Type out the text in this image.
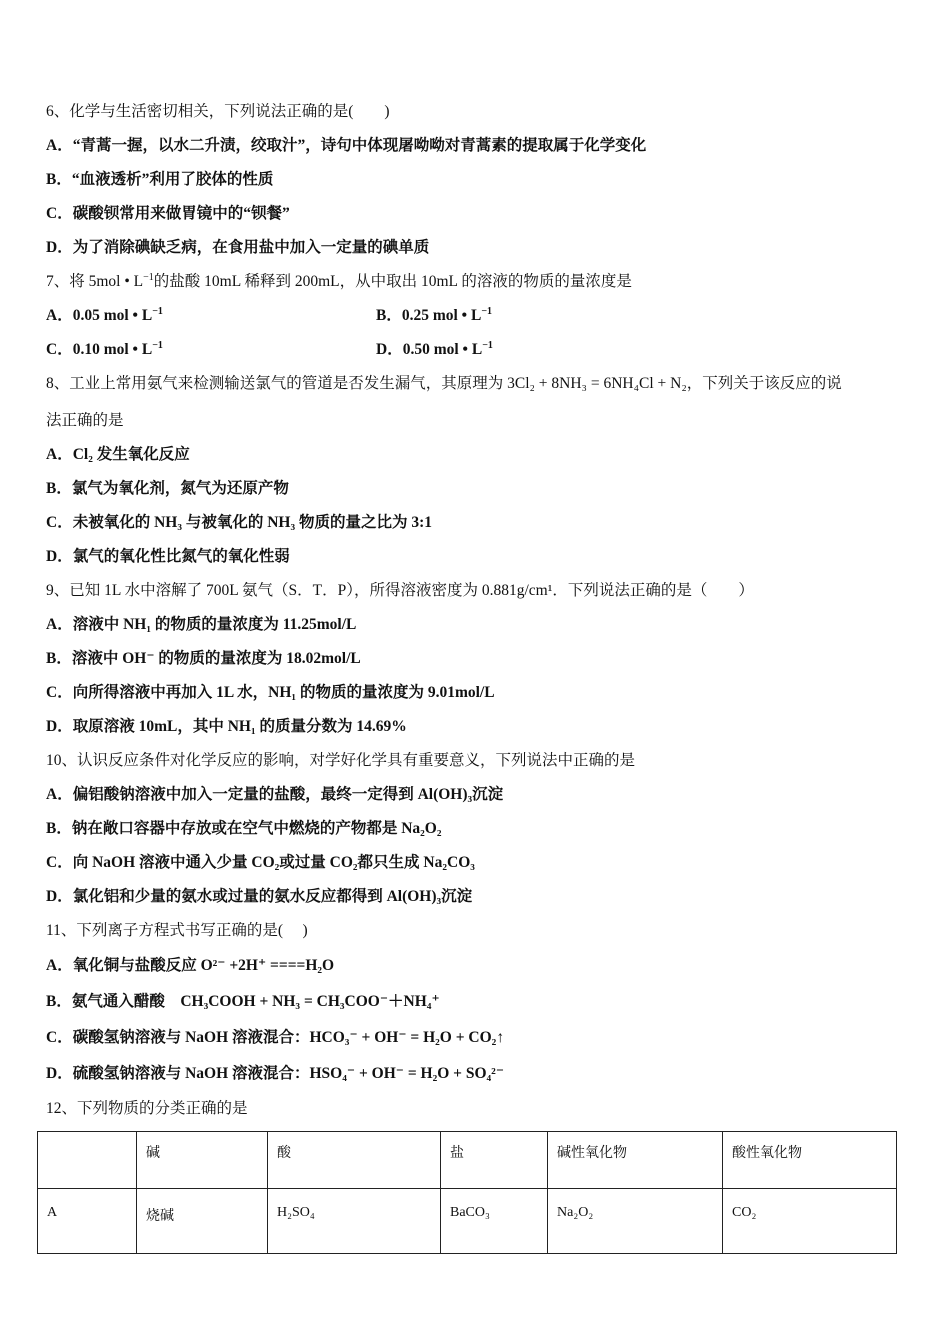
6、化学与生活密切相关，下列说法正确的是(　　)
A．“青蒿一握，以水二升渍，绞取汁”，诗句中体现屠呦呦对青蒿素的提取属于化学变化
B．“血液透析”利用了胶体的性质
C．碳酸钡常用来做胃镜中的“钡餐”
D．为了消除碘缺乏病，在食用盐中加入一定量的碘单质
7、将 5mol • $L^{-1}$的盐酸 10mL 稀释到 200mL，从中取出 10mL 的溶液的物质的量浓度是
A．0.05 mol • $L^{-1}$	B．0.25 mol • $L^{-1}$
C．0.10 mol • $L^{-1}$	D．0.50 mol • $L^{-1}$
8、工业上常用氨气来检测输送氯气的管道是否发生漏气，其原理为 3Cl₂ + 8NH₃ = 6NH₄Cl + N₂，下列关于该反应的说
法正确的是
A．Cl₂ 发生氧化反应
B．氯气为氧化剂，氮气为还原产物
C．未被氧化的 NH₃ 与被氧化的 NH₃ 物质的量之比为 3:1
D．氯气的氧化性比氮气的氧化性弱
9、已知 1L 水中溶解了 700L 氨气（S．T．P），所得溶液密度为 0.881g/cm¹．下列说法正确的是（　　）
A．溶液中 NH₁ 的物质的量浓度为 11.25mol/L
B．溶液中 OH⁻ 的物质的量浓度为 18.02mol/L
C．向所得溶液中再加入 1L 水，NH₁ 的物质的量浓度为 9.01mol/L
D．取原溶液 10mL，其中 NH₁ 的质量分数为 14.69%
10、认识反应条件对化学反应的影响，对学好化学具有重要意义，下列说法中正确的是
A．偏铝酸钠溶液中加入一定量的盐酸，最终一定得到 Al(OH)₃沉淀
B．钠在敞口容器中存放或在空气中燃烧的产物都是 Na₂O₂
C．向 NaOH 溶液中通入少量 CO₂或过量 CO₂都只生成 Na₂CO₃
D．氯化铝和少量的氨水或过量的氨水反应都得到 Al(OH)₃沉淀
11、下列离子方程式书写正确的是(　 )
A．氧化铜与盐酸反应 O²⁻ +2H⁺ ====H₂O
B．氨气通入醋酸　CH₃COOH + NH₃ = CH₃COO⁻＋NH₄⁺
C．碳酸氢钠溶液与 NaOH 溶液混合：HCO₃⁻ + OH⁻ = H₂O + CO₂↑
D．硫酸氢钠溶液与 NaOH 溶液混合：HSO₄⁻ + OH⁻ = H₂O + SO₄²⁻
12、下列物质的分类正确的是
	碱	酸	盐	碱性氧化物	酸性氧化物
A	烧碱	H₂SO₄	BaCO₃	Na₂O₂	CO₂
